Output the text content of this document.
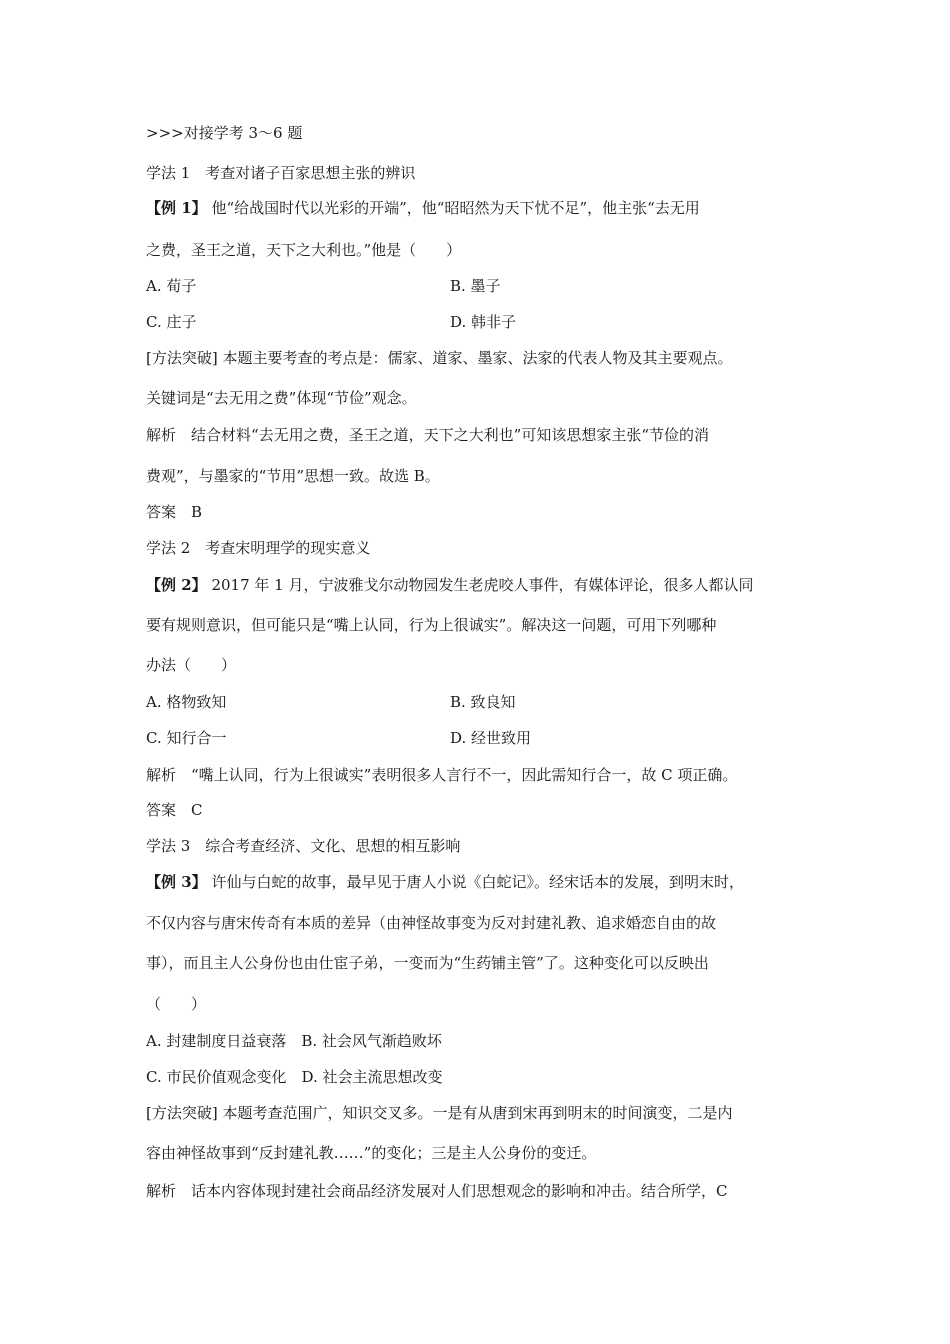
>>>对接学考 3～6 题
学法 1　考查对诸子百家思想主张的辨识
【例 1】 他“给战国时代以光彩的开端”，他“昭昭然为天下忧不足”，他主张“去无用
之费，圣王之道，天下之大利也。”他是（　　）
A. 荀子	B. 墨子
C. 庄子	D. 韩非子
[方法突破] 本题主要考查的考点是：儒家、道家、墨家、法家的代表人物及其主要观点。
关键词是“去无用之费”体现“节俭”观念。
解析　结合材料“去无用之费，圣王之道，天下之大利也”可知该思想家主张“节俭的消
费观”，与墨家的“节用”思想一致。故选 B。
答案　B
学法 2　考查宋明理学的现实意义
【例 2】 2017 年 1 月，宁波雅戈尔动物园发生老虎咬人事件，有媒体评论，很多人都认同
要有规则意识，但可能只是“嘴上认同，行为上很诚实”。解决这一问题，可用下列哪种
办法（　　）
A. 格物致知	B. 致良知
C. 知行合一	D. 经世致用
解析　“嘴上认同，行为上很诚实”表明很多人言行不一，因此需知行合一，故 C 项正确。
答案　C
学法 3　综合考查经济、文化、思想的相互影响
【例 3】 许仙与白蛇的故事，最早见于唐人小说《白蛇记》。经宋话本的发展，到明末时，
不仅内容与唐宋传奇有本质的差异（由神怪故事变为反对封建礼教、追求婚恋自由的故
事），而且主人公身份也由仕宦子弟，一变而为“生药铺主管”了。这种变化可以反映出
（　　）
A. 封建制度日益衰落　B. 社会风气渐趋败坏
C. 市民价值观念变化　D. 社会主流思想改变
[方法突破] 本题考查范围广，知识交叉多。一是有从唐到宋再到明末的时间演变，二是内
容由神怪故事到“反封建礼教……”的变化；三是主人公身份的变迁。
解析　话本内容体现封建社会商品经济发展对人们思想观念的影响和冲击。结合所学，C
